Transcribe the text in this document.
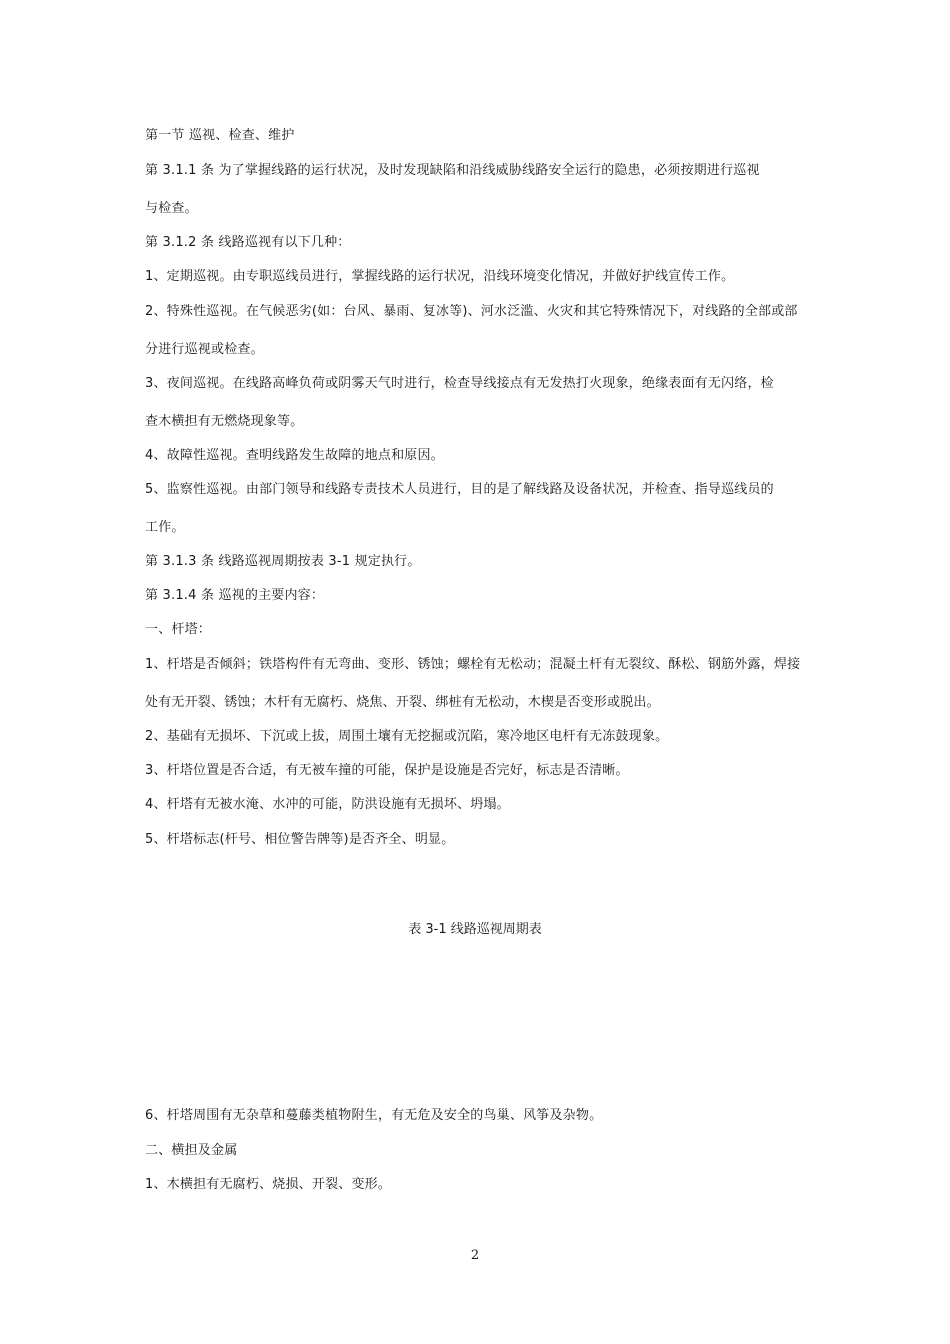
第一节 巡视、检查、维护
第 3.1.1 条 为了掌握线路的运行状况，及时发现缺陷和沿线威胁线路安全运行的隐患，必须按期进行巡视
与检查。
第 3.1.2 条 线路巡视有以下几种：
1、定期巡视。由专职巡线员进行，掌握线路的运行状况，沿线环境变化情况，并做好护线宣传工作。
2、特殊性巡视。在气候恶劣(如：台风、暴雨、复冰等)、河水泛滥、火灾和其它特殊情况下，对线路的全部或部
分进行巡视或检查。
3、夜间巡视。在线路高峰负荷或阴雾天气时进行，检查导线接点有无发热打火现象，绝缘表面有无闪络，检
查木横担有无燃烧现象等。
4、故障性巡视。查明线路发生故障的地点和原因。
5、监察性巡视。由部门领导和线路专责技术人员进行，目的是了解线路及设备状况，并检查、指导巡线员的
工作。
第 3.1.3 条 线路巡视周期按表 3-1 规定执行。
第 3.1.4 条 巡视的主要内容：
一、杆塔：
1、杆塔是否倾斜；铁塔构件有无弯曲、变形、锈蚀；螺栓有无松动；混凝土杆有无裂纹、酥松、钢筋外露，焊接
处有无开裂、锈蚀；木杆有无腐朽、烧焦、开裂、绑桩有无松动，木楔是否变形或脱出。
2、基础有无损坏、下沉或上拔，周围土壤有无挖掘或沉陷，寒冷地区电杆有无冻鼓现象。
3、杆塔位置是否合适，有无被车撞的可能，保护是设施是否完好，标志是否清晰。
4、杆塔有无被水淹、水冲的可能，防洪设施有无损坏、坍塌。
5、杆塔标志(杆号、相位警告牌等)是否齐全、明显。
表 3-1 线路巡视周期表
6、杆塔周围有无杂草和蔓藤类植物附生，有无危及安全的鸟巢、风筝及杂物。
二、横担及金属
1、木横担有无腐朽、烧损、开裂、变形。
2
